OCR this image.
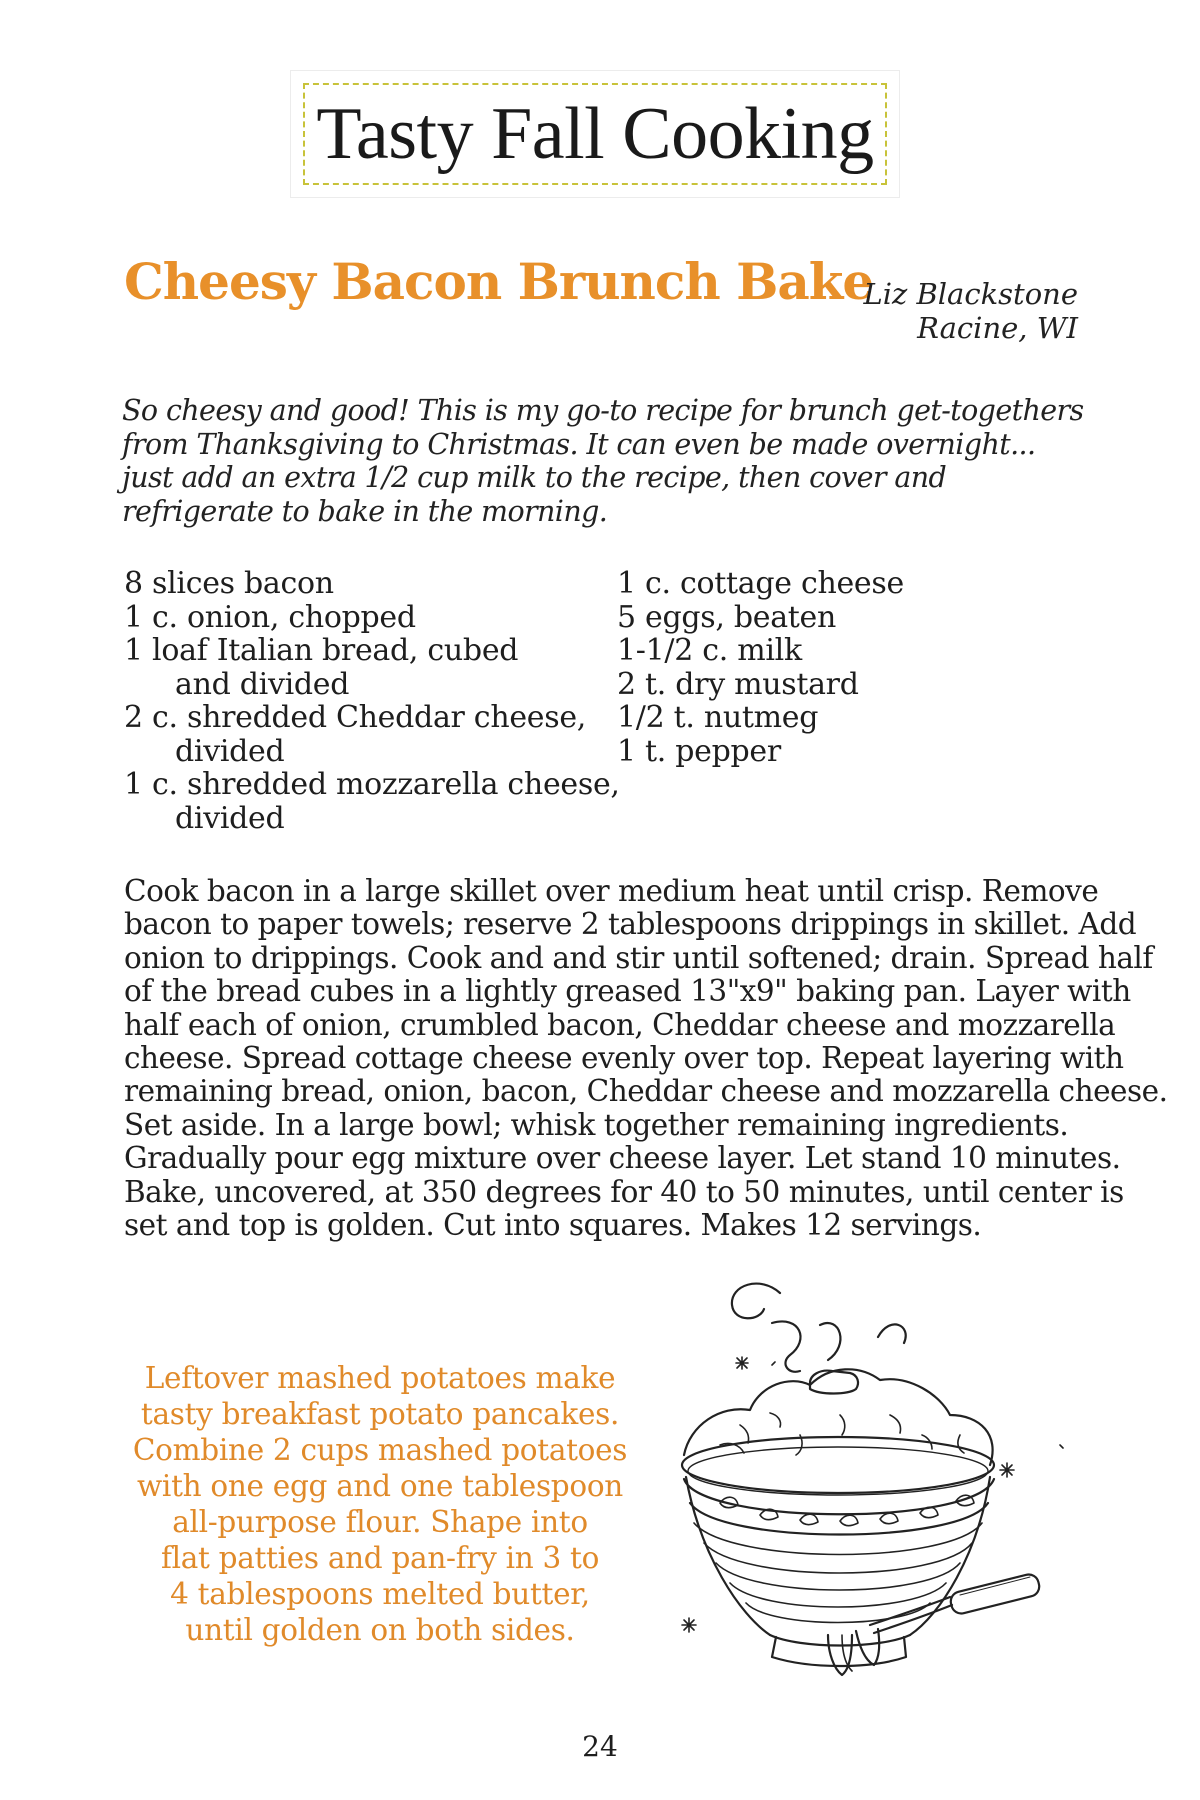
Tasty Fall Cooking
Cheesy Bacon Brunch Bake
Liz Blackstone
Racine, WI
So cheesy and good! This is my go-to recipe for brunch get-togethers
from Thanksgiving to Christmas. It can even be made overnight...
just add an extra 1/2 cup milk to the recipe, then cover and
refrigerate to bake in the morning.
8 slices bacon
1 c. onion, chopped
1 loaf Italian bread, cubed
and divided
2 c. shredded Cheddar cheese,
divided
1 c. shredded mozzarella cheese,
divided
1 c. cottage cheese
5 eggs, beaten
1-1/2 c. milk
2 t. dry mustard
1/2 t. nutmeg
1 t. pepper
Cook bacon in a large skillet over medium heat until crisp. Remove
bacon to paper towels; reserve 2 tablespoons drippings in skillet. Add
onion to drippings. Cook and and stir until softened; drain. Spread half
of the bread cubes in a lightly greased 13"x9" baking pan. Layer with
half each of onion, crumbled bacon, Cheddar cheese and mozzarella
cheese. Spread cottage cheese evenly over top. Repeat layering with
remaining bread, onion, bacon, Cheddar cheese and mozzarella cheese.
Set aside. In a large bowl; whisk together remaining ingredients.
Gradually pour egg mixture over cheese layer. Let stand 10 minutes.
Bake, uncovered, at 350 degrees for 40 to 50 minutes, until center is
set and top is golden. Cut into squares. Makes 12 servings.
Leftover mashed potatoes make
tasty breakfast potato pancakes.
Combine 2 cups mashed potatoes
with one egg and one tablespoon
all-purpose flour. Shape into
flat patties and pan-fry in 3 to
4 tablespoons melted butter,
until golden on both sides.
24
